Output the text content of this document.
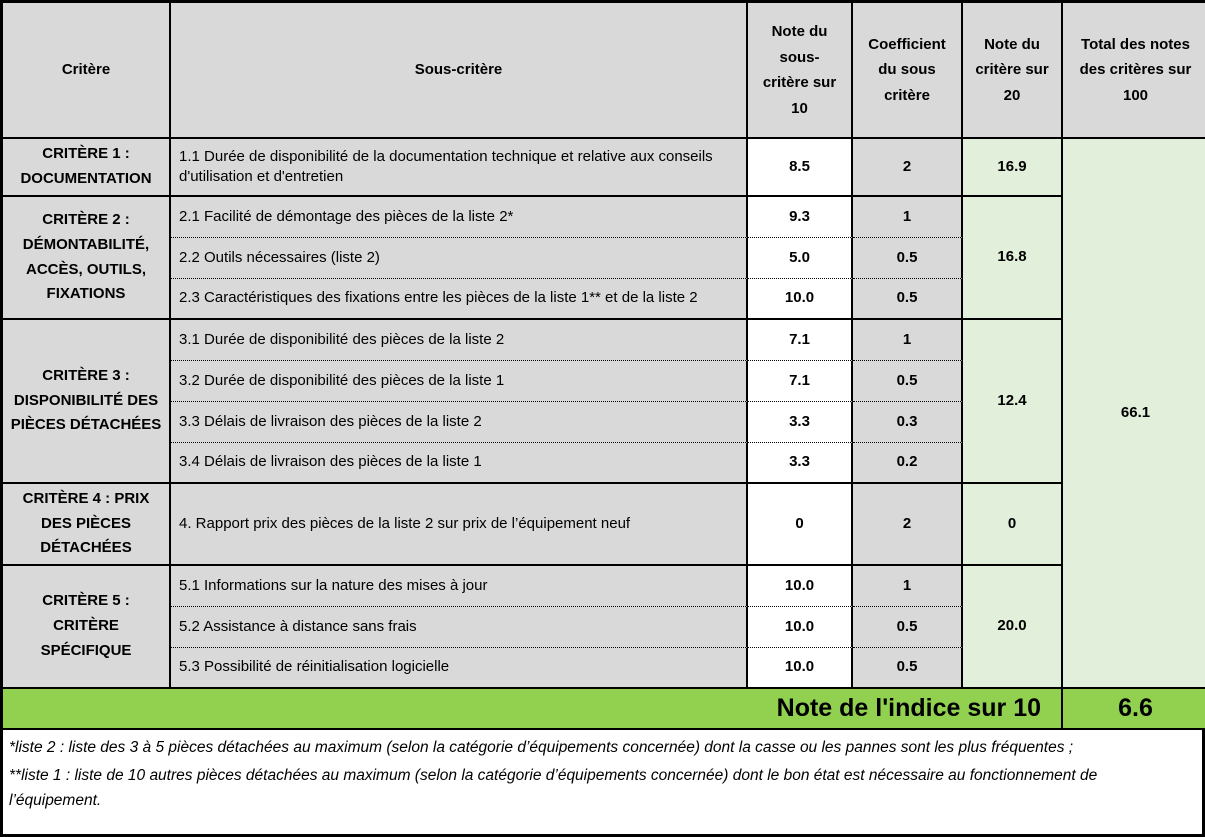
Critère	Sous-critère	Note du sous-critère sur 10	Coefficient du sous critère	Note du critère sur 20	Total des notes des critères sur 100
CRITÈRE 1 : DOCUMENTATION	1.1 Durée de disponibilité de la documentation technique et relative aux conseils d'utilisation et d'entretien	8.5	2	16.9	66.1
CRITÈRE 2 : DÉMONTABILITÉ, ACCÈS, OUTILS, FIXATIONS	2.1 Facilité de démontage des pièces de la liste 2*	9.3	1	16.8	
	2.2 Outils nécessaires (liste 2)	5.0	0.5		
	2.3 Caractéristiques des fixations entre les pièces de la liste 1** et de la liste 2	10.0	0.5		
CRITÈRE 3 : DISPONIBILITÉ DES PIÈCES DÉTACHÉES	3.1 Durée de disponibilité des pièces de la liste 2	7.1	1	12.4	
	3.2 Durée de disponibilité des pièces de la liste 1	7.1	0.5		
	3.3 Délais de livraison des pièces de la liste 2	3.3	0.3		
	3.4 Délais de livraison des pièces de la liste 1	3.3	0.2		
CRITÈRE 4 : PRIX DES PIÈCES DÉTACHÉES	4. Rapport prix des pièces de la liste 2 sur prix de l’équipement neuf	0	2	0	
CRITÈRE 5 : CRITÈRE SPÉCIFIQUE	5.1 Informations sur la nature des mises à jour	10.0	1	20.0	
	5.2 Assistance à distance sans frais	10.0	0.5		
	5.3 Possibilité de réinitialisation logicielle	10.0	0.5		
Note de l'indice sur 10					6.6

*liste 2 : liste des 3 à 5 pièces détachées au maximum (selon la catégorie d’équipements concernée) dont la casse ou les pannes sont les plus fréquentes ;

**liste 1 : liste de 10 autres pièces détachées au maximum (selon la catégorie d’équipements concernée) dont le bon état est nécessaire au fonctionnement de l’équipement.
